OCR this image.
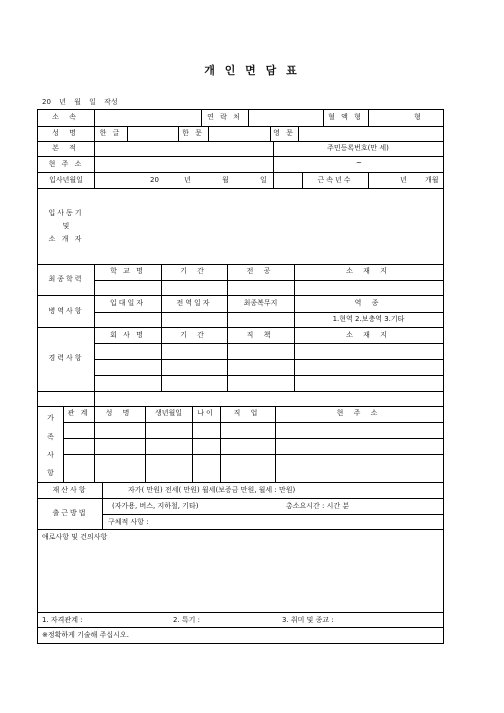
개 인 면 담 표
20 년 월 일 작성
소 속	연 락 처	혈 액 형	형
성 명	한 글	한 문	영 문
본 적	주민등록번호(만 세)
현 주 소	~
입사년월일	20	년	월	일	근속년수	년	개월
입사동기
및
소 개 자
최종학력
학 교 명	기 간	전 공	소 재 지
병역사항
입대일자	전역일자	최종복무지	역 종
1.현역 2.보충역 3.기타
경력사항
회 사 명	기 간	직 책	소 재 지
가
족
사
항
관 계	성 명	생년월일	나이	직 업	현 주 소
재산사항	자가( 만원) 전세( 만원) 월세(보증금 만원, 월세 : 만원)
출근방법
(자가용, 버스, 지하철, 기타)	총소요시간 : 시간 분
구체적 사항 :
애로사항 및 건의사항
1. 자격관계 :	2. 특기 :	3. 취미 및 종교 :
※정확하게 기술해 주십시오.
